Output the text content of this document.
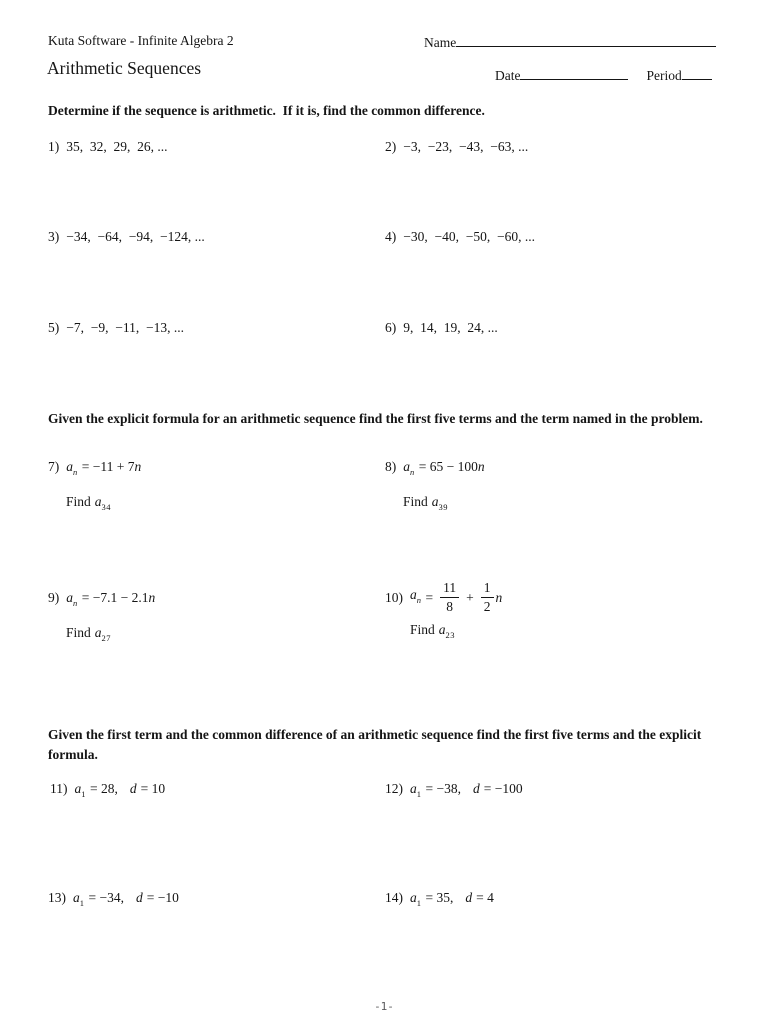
Kuta Software - Infinite Algebra 2	Name
Arithmetic Sequences	Date	Period
Determine if the sequence is arithmetic.  If it is, find the common difference.
1) 35,  32,  29,  26, ...	2) −3,  −23,  −43,  −63, ...
3) −34,  −64,  −94,  −124, ...	4) −30,  −40,  −50,  −60, ...
5) −7,  −9,  −11,  −13, ...	6) 9,  14,  19,  24, ...
Given the explicit formula for an arithmetic sequence find the first five terms and the term named in the problem.
7) $a_n = -11 + 7n$
Find $a_{34}$
8) $a_n = 65 - 100n$
Find $a_{39}$
9) $a_n = -7.1 - 2.1n$
Find $a_{27}$
10) $a_n = \frac{11}{8} + \frac{1}{2}$ n
Find $a_{23}$
Given the first term and the common difference of an arithmetic sequence find the first five terms and the explicit formula.
11) $a_1 = 28$, d = 10	12) $a_1 = -38$, d = −100
13) $a_1 = -34$, d = −10	14) $a_1 = 35$, d = 4
-1-
